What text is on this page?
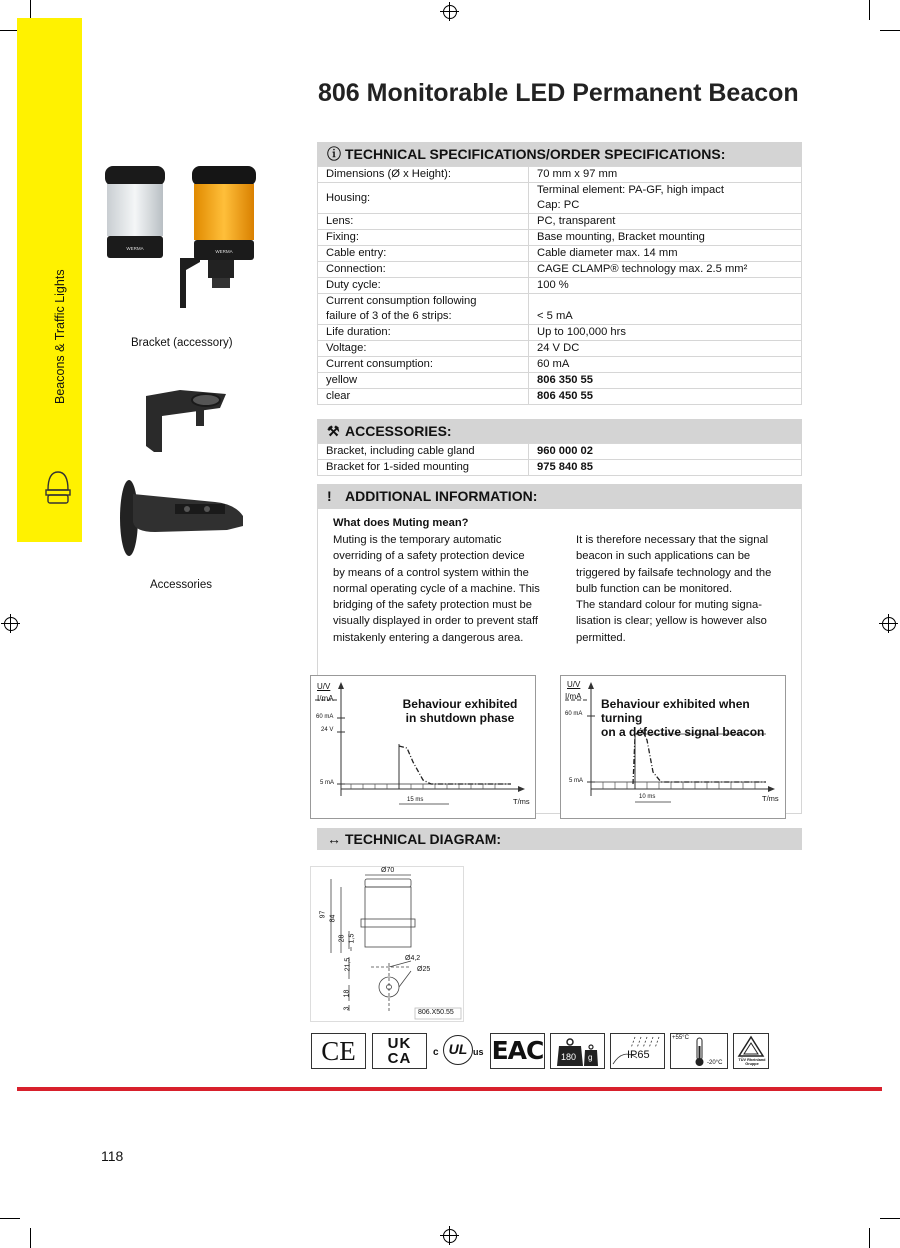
Beacons & Traffic Lights
806 Monitorable LED Permanent Beacon
WERMA
WERMA
Bracket (accessory)
Accessories
ⓘ TECHNICAL SPECIFICATIONS/ORDER SPECIFICATIONS:
Dimensions (Ø x Height):	70 mm x 97 mm
Housing:	Terminal element: PA-GF, high impact
Cap: PC

Lens:	PC, transparent
Fixing:	Base mounting, Bracket mounting
Cable entry:	Cable diameter max. 14 mm
Connection:	CAGE CLAMP® technology max. 2.5 mm²
Duty cycle:	100 %

Current consumption following
failure of 3 of the 6 strips:	< 5 mA
Life duration:	Up to 100,000 hrs
Voltage:	24 V DC
Current consumption:	60 mA
yellow	806 350 55
clear	806 450 55
⚒ ACCESSORIES:
Bracket, including cable gland	960 000 02
Bracket for 1-sided mounting	975 840 85
! ADDITIONAL INFORMATION:
What does Muting mean?
Muting is the temporary automatic
overriding of a safety protection device
by means of a control system within the
normal operating cycle of a machine. This
bridging of the safety protection must be
visually displayed in order to prevent staff
mistakenly entering a dangerous area.
It is therefore necessary that the signal
beacon in such applications can be
triggered by failsafe technology and the
bulb function can be monitored.
The standard colour for muting signa-
lisation is clear; yellow is however also
permitted.
U/V
I/mA
60 mA
24 V
5 mA
T/ms
15 ms
Behaviour exhibited
in shutdown phase
U/V
I/mA
60 mA
5 mA
T/ms
10 ms
Behaviour exhibited when turning
on a defective signal beacon
↔ TECHNICAL DIAGRAM:
Ø70
97
84
28 1,5
21,5
18
3
Ø4,2
Ø25
806.X50.55
CE	UK
CA	c UL us EAC 180 g	IP65
+55°C
-20°C	TÜV Rheinland Gruppe
118
